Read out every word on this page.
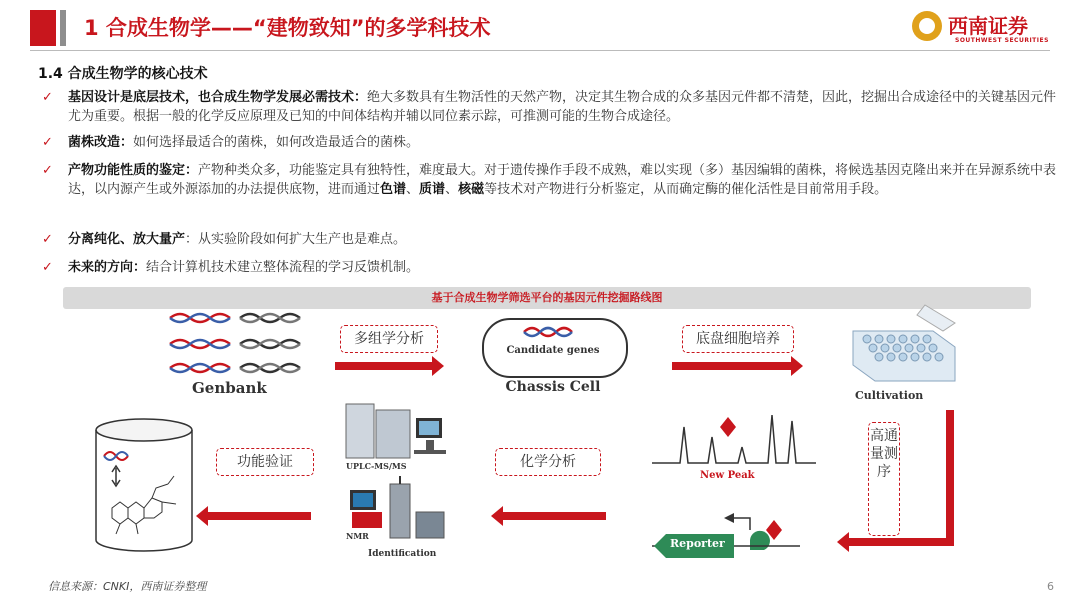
1 合成生物学——“建物致知”的多学科技术	西南证券
SOUTHWEST SECURITIES
1.4 合成生物学的核心技术
✓ 基因设计是底层技术，也合成生物学发展必需技术：绝大多数具有生物活性的天然产物，决定其生物合成的众多基因元件都不清楚，因此，挖掘出合成途径中的关键基因元件尤为重要。根据一般的化学反应原理及已知的中间体结构并辅以同位素示踪，可推测可能的生物合成途径。
✓ 菌株改造：如何选择最适合的菌株，如何改造最适合的菌株。
✓ 产物功能性质的鉴定：产物种类众多，功能鉴定具有独特性，难度最大。对于遗传操作手段不成熟，难以实现（多）基因编辑的菌株，将候选基因克隆出来并在异源系统中表达，以内源产生或外源添加的办法提供底物，进而通过色谱、质谱、核磁等技术对产物进行分析鉴定，从而确定酶的催化活性是目前常用手段。
✓ 分离纯化、放大量产：从实验阶段如何扩大生产也是难点。
✓ 未来的方向：结合计算机技术建立整体流程的学习反馈机制。
基于合成生物学筛选平台的基因元件挖掘路线图
Genbank
多组学分析
Candidate genes
Chassis Cell
底盘细胞培养
Cultivation
高通量测序
New Peak
Reporter
化学分析
UPLC-MS/MS
NMR
Identification
功能验证
信息来源：CNKI，西南证券整理	6
